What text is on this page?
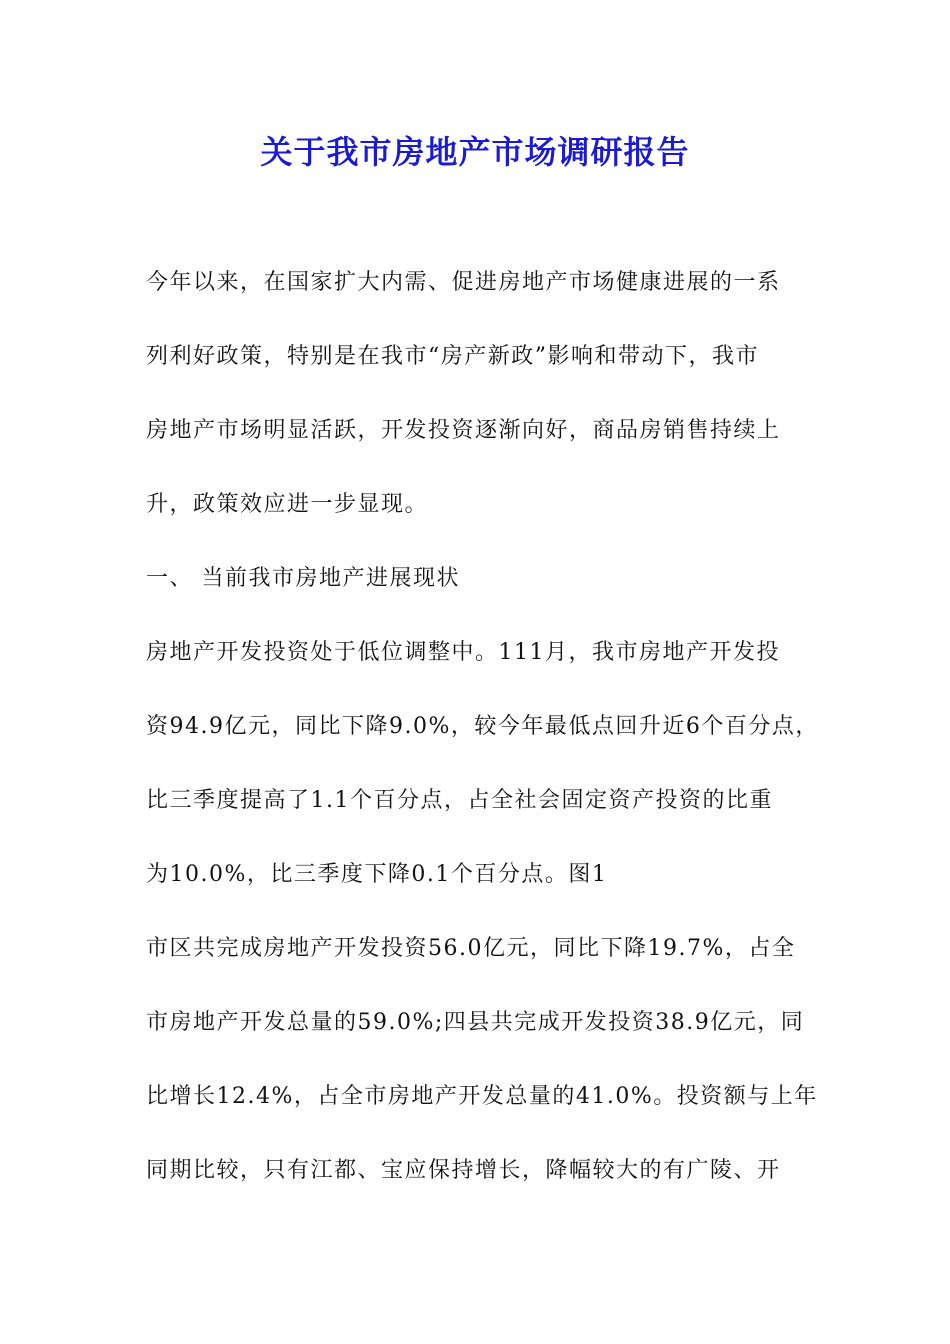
关于我市房地产市场调研报告
今年以来，在国家扩大内需、促进房地产市场健康进展的一系
列利好政策，特别是在我市“房产新政”影响和带动下，我市
房地产市场明显活跃，开发投资逐渐向好，商品房销售持续上
升，政策效应进一步显现。
一、 当前我市房地产进展现状
房地产开发投资处于低位调整中。111月，我市房地产开发投
资94.9亿元，同比下降9.0%，较今年最低点回升近6个百分点，
比三季度提高了1.1个百分点，占全社会固定资产投资的比重
为10.0%，比三季度下降0.1个百分点。图1
市区共完成房地产开发投资56.0亿元，同比下降19.7%，占全
市房地产开发总量的59.0%;四县共完成开发投资38.9亿元，同
比增长12.4%，占全市房地产开发总量的41.0%。投资额与上年
同期比较，只有江都、宝应保持增长，降幅较大的有广陵、开
